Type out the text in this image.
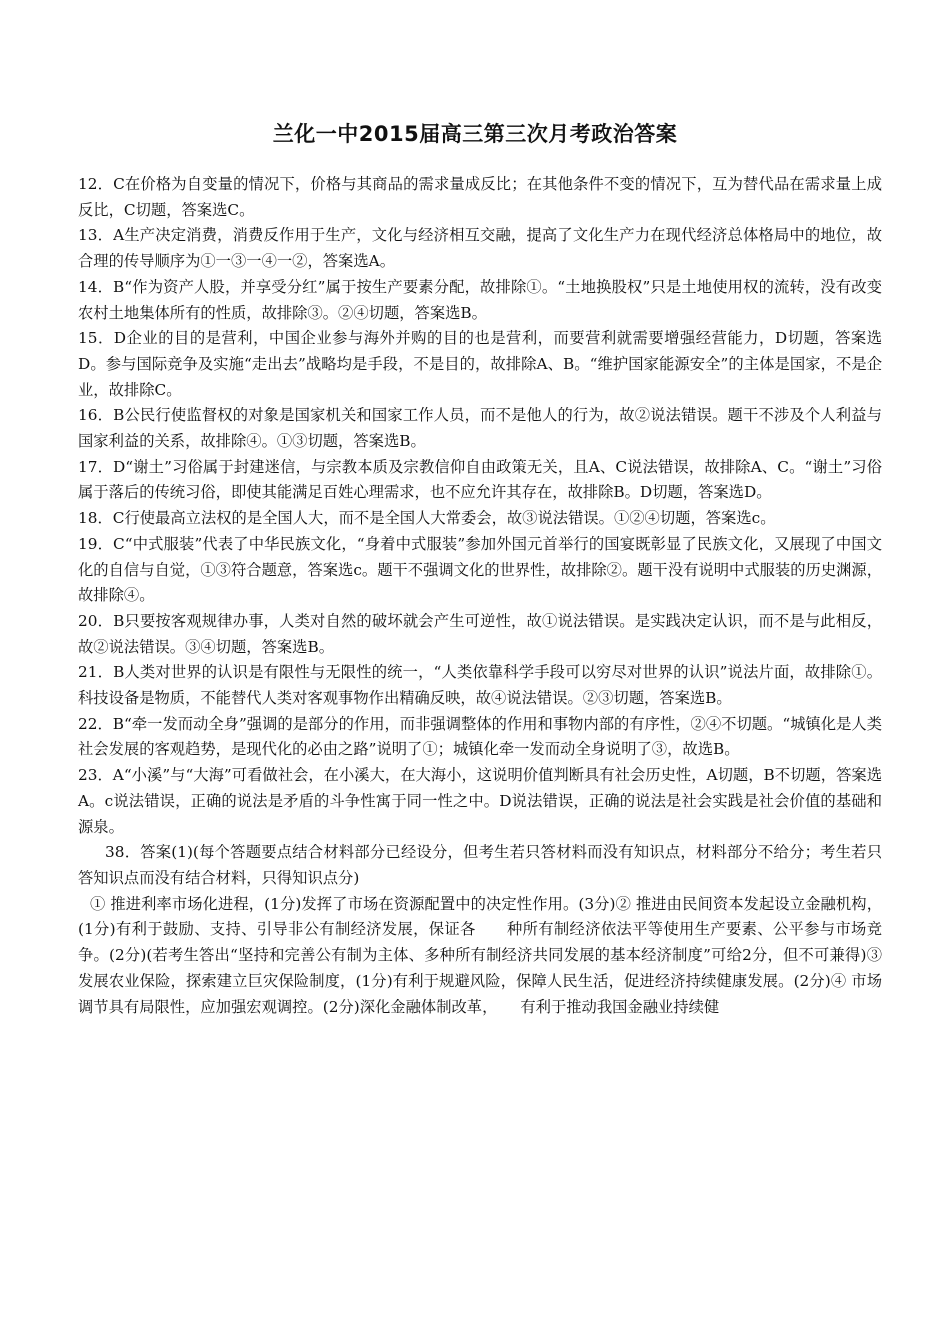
兰化一中2015届高三第三次月考政治答案

12．C在价格为自变量的情况下，价格与其商品的需求量成反比；在其他条件不变的情况下，互为替代品在需求量上成反比，C切题，答案选C。

13．A生产决定消费，消费反作用于生产，文化与经济相互交融，提高了文化生产力在现代经济总体格局中的地位，故合理的传导顺序为①一③一④一②，答案选A。

14．B“作为资产人股，并享受分红”属于按生产要素分配，故排除①。“土地换股权”只是土地使用权的流转，没有改变农村土地集体所有的性质，故排除③。②④切题，答案选B。

15．D企业的目的是营利，中国企业参与海外并购的目的也是营利，而要营利就需要增强经营能力，D切题，答案选D。参与国际竞争及实施“走出去”战略均是手段，不是目的，故排除A、B。“维护国家能源安全”的主体是国家，不是企业，故排除C。

16．B公民行使监督权的对象是国家机关和国家工作人员，而不是他人的行为，故②说法错误。题干不涉及个人利益与国家利益的关系，故排除④。①③切题，答案选B。

17．D“谢土”习俗属于封建迷信，与宗教本质及宗教信仰自由政策无关，且A、C说法错误，故排除A、C。“谢土”习俗属于落后的传统习俗，即使其能满足百姓心理需求，也不应允许其存在，故排除B。D切题，答案选D。

18．C行使最高立法权的是全国人大，而不是全国人大常委会，故③说法错误。①②④切题，答案选c。

19．C“中式服装”代表了中华民族文化，“身着中式服装”参加外国元首举行的国宴既彰显了民族文化，又展现了中国文化的自信与自觉，①③符合题意，答案选c。题干不强调文化的世界性，故排除②。题干没有说明中式服装的历史渊源，故排除④。

20．B只要按客观规律办事，人类对自然的破坏就会产生可逆性，故①说法错误。是实践决定认识，而不是与此相反，故②说法错误。③④切题，答案选B。

21．B人类对世界的认识是有限性与无限性的统一，“人类依靠科学手段可以穷尽对世界的认识”说法片面，故排除①。科技设备是物质，不能替代人类对客观事物作出精确反映，故④说法错误。②③切题，答案选B。

22．B“牵一发而动全身”强调的是部分的作用，而非强调整体的作用和事物内部的有序性，②④不切题。“城镇化是人类社会发展的客观趋势，是现代化的必由之路”说明了①；城镇化牵一发而动全身说明了③，故选B。

23．A“小溪”与“大海”可看做社会，在小溪大，在大海小，这说明价值判断具有社会历史性，A切题，B不切题，答案选A。c说法错误，正确的说法是矛盾的斗争性寓于同一性之中。D说法错误，正确的说法是社会实践是社会价值的基础和源泉。

38．答案(1)(每个答题要点结合材料部分已经设分，但考生若只答材料而没有知识点，材料部分不给分；考生若只答知识点而没有结合材料，只得知识点分)

① 推进利率市场化进程，(1分)发挥了市场在资源配置中的决定性作用。(3分)② 推进由民间资本发起设立金融机构，(1分)有利于鼓励、支持、引导非公有制经济发展，保证各　　种所有制经济依法平等使用生产要素、公平参与市场竞争。(2分)(若考生答出“坚持和完善公有制为主体、多种所有制经济共同发展的基本经济制度”可给2分，但不可兼得)③ 发展农业保险，探索建立巨灾保险制度，(1分)有利于规避风险，保障人民生活，促进经济持续健康发展。(2分)④ 市场调节具有局限性，应加强宏观调控。(2分)深化金融体制改革，　　有利于推动我国金融业持续健
